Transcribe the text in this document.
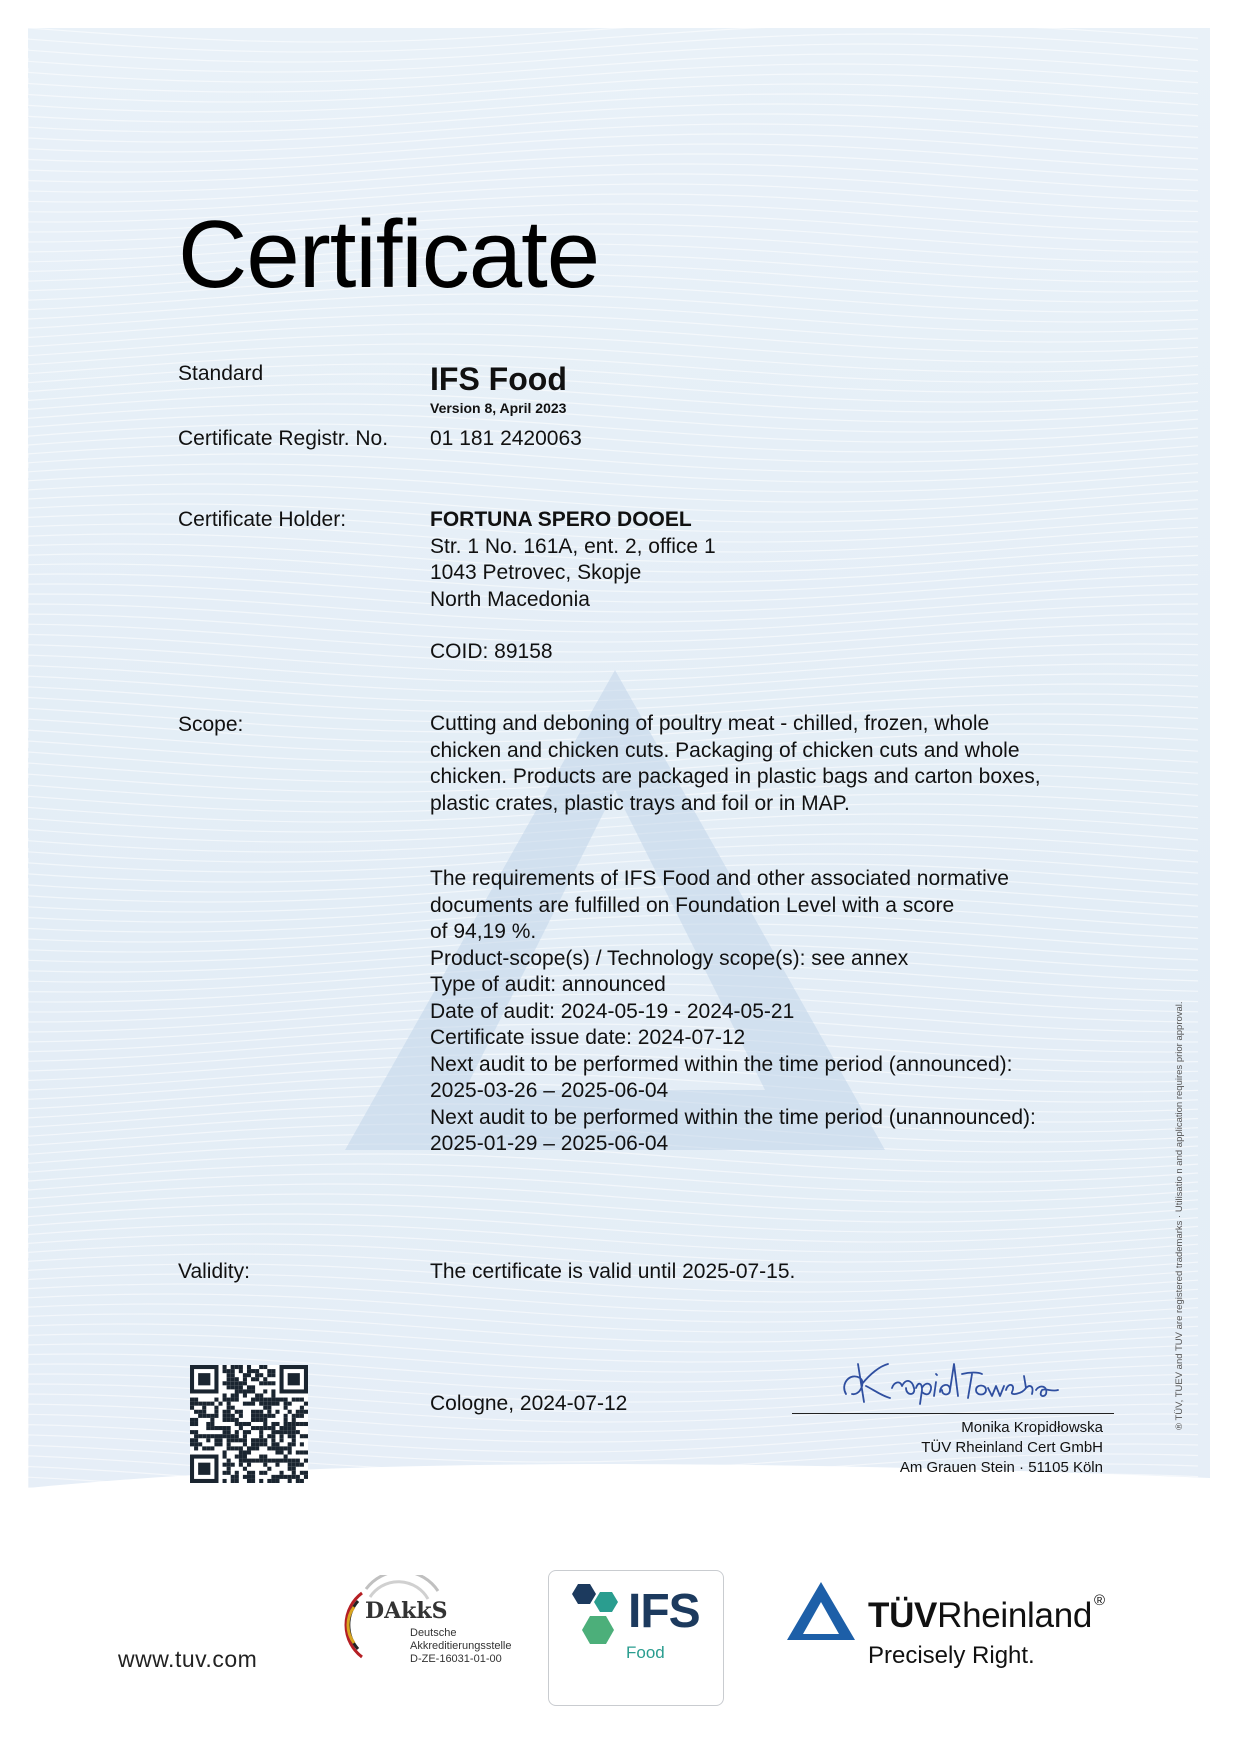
Certificate
Standard	IFS Food
Version 8, April 2023
Certificate Registr. No. 01 181 2420063
Certificate Holder:	FORTUNA SPERO DOOEL
Str. 1 No. 161A, ent. 2, office 1
1043 Petrovec, Skopje
North Macedonia
COID: 89158
Scope:	Cutting and deboning of poultry meat - chilled, frozen, whole
chicken and chicken cuts. Packaging of chicken cuts and whole
chicken. Products are packaged in plastic bags and carton boxes,
plastic crates, plastic trays and foil or in MAP.
The requirements of IFS Food and other associated normative
documents are fulfilled on Foundation Level with a score
of 94,19 %.
Product-scope(s) / Technology scope(s): see annex
Type of audit: announced
Date of audit: 2024-05-19 - 2024-05-21
Certificate issue date: 2024-07-12
Next audit to be performed within the time period (announced):
2025-03-26 – 2025-06-04
Next audit to be performed within the time period (unannounced):
2025-01-29 – 2025-06-04
Validity:	The certificate is valid until 2025-07-15.
Cologne, 2024-07-12
Monika Kropidłowska
TÜV Rheinland Cert GmbH
Am Grauen Stein · 51105 Köln
® TÜV, TUEV and TUV are registered trademarks · Utilisatio n and application requires prior approval.
www.tuv.com
DAkkS
Deutsche
Akkreditierungsstelle
D-ZE-16031-01-00
IFS
Food
TÜVRheinland ®
Precisely Right.
